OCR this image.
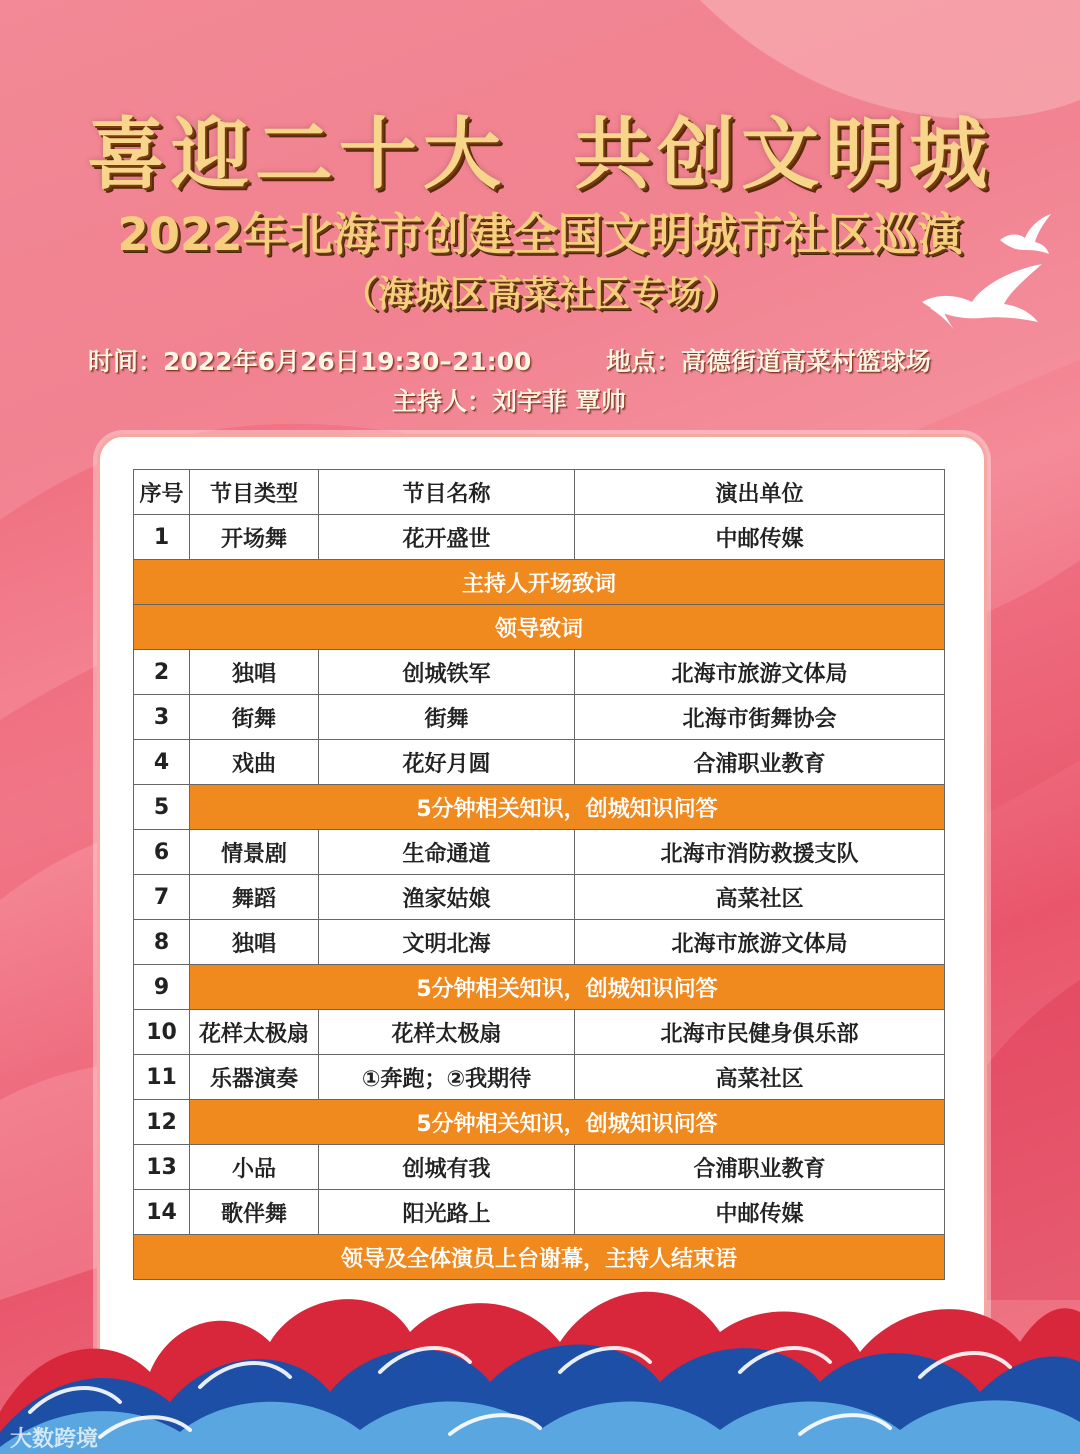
喜迎二十大  共创文明城
2022年北海市创建全国文明城市社区巡演
（海城区高菜社区专场）
时间：2022年6月26日19:30–21:00	地点：高德街道高菜村篮球场
主持人：刘宇菲 覃帅
序号	节目类型	节目名称	演出单位
1	开场舞	花开盛世	中邮传媒
主持人开场致词			
领导致词			
2	独唱	创城铁军	北海市旅游文体局
3	街舞	街舞	北海市街舞协会
4	戏曲	花好月圆	合浦职业教育
5	5分钟相关知识，创城知识问答		
6	情景剧	生命通道	北海市消防救援支队
7	舞蹈	渔家姑娘	高菜社区
8	独唱	文明北海	北海市旅游文体局
9	5分钟相关知识，创城知识问答		
10	花样太极扇	花样太极扇	北海市民健身俱乐部
11	乐器演奏	①奔跑；②我期待	高菜社区
12	5分钟相关知识，创城知识问答		
13	小品	创城有我	合浦职业教育
14	歌伴舞	阳光路上	中邮传媒
领导及全体演员上台谢幕，主持人结束语			
大数跨境
